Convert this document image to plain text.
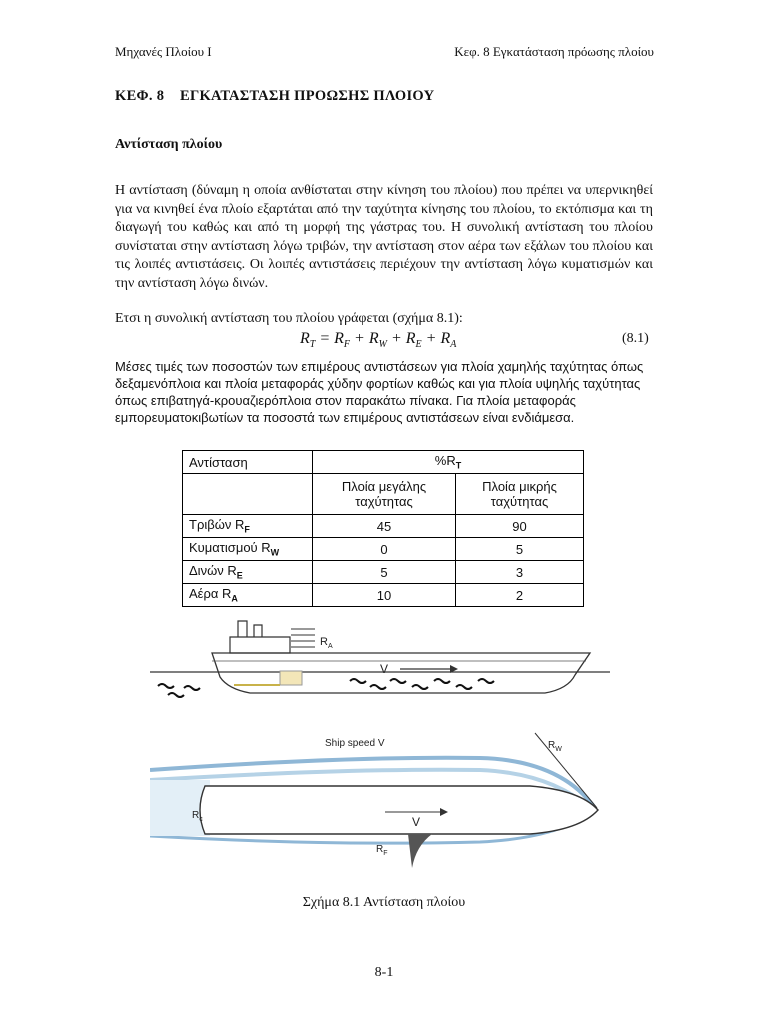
Μηχανές Πλοίου Ι	Κεφ. 8 Εγκατάσταση πρόωσης πλοίου
ΚΕΦ. 8    ΕΓΚΑΤΑΣΤΑΣΗ ΠΡΟΩΣΗΣ ΠΛΟΙΟΥ
Αντίσταση πλοίου
Η αντίσταση (δύναμη η οποία ανθίσταται στην κίνηση του πλοίου) που πρέπει να υπερνικηθεί για να κινηθεί ένα πλοίο εξαρτάται από την ταχύτητα κίνησης του πλοίου, το εκτόπισμα και τη διαγωγή του καθώς και από τη μορφή της γάστρας του. Η συνολική αντίσταση του πλοίου συνίσταται στην αντίσταση λόγω τριβών, την αντίσταση στον αέρα των εξάλων του πλοίου και τις λοιπές αντιστάσεις. Οι λοιπές αντιστάσεις περιέχουν την αντίσταση λόγω κυματισμών και την αντίσταση λόγω δινών.
Ετσι η συνολική αντίσταση του πλοίου γράφεται (σχήμα 8.1):
$R_T = R_F + R_W + R_E + R_A$	(8.1)
Μέσες τιμές των ποσοστών των επιμέρους αντιστάσεων για πλοία χαμηλής ταχύτητας όπως δεξαμενόπλοια και πλοία μεταφοράς χύδην φορτίων καθώς και για πλοία υψηλής ταχύτητας όπως επιβατηγά-κρουαζιερόπλοια στον παρακάτω πίνακα. Για πλοία μεταφοράς εμπορευματοκιβωτίων τα ποσοστά των επιμέρους αντιστάσεων είναι ενδιάμεσα.
Αντίσταση	$\%R_T$
	Πλοία μεγάλης ταχύτητας	Πλοία μικρής ταχύτητας
Τριβών $R_F$	45	90
Κυματισμού $R_W$	0	5
Δινών $R_E$	5	3
Αέρα $R_A$	10	2
$R_A$
V
Ship speed V	$R_W$
$R_c$	V
$R_F$
Σχήμα 8.1 Αντίσταση πλοίου
8-1
